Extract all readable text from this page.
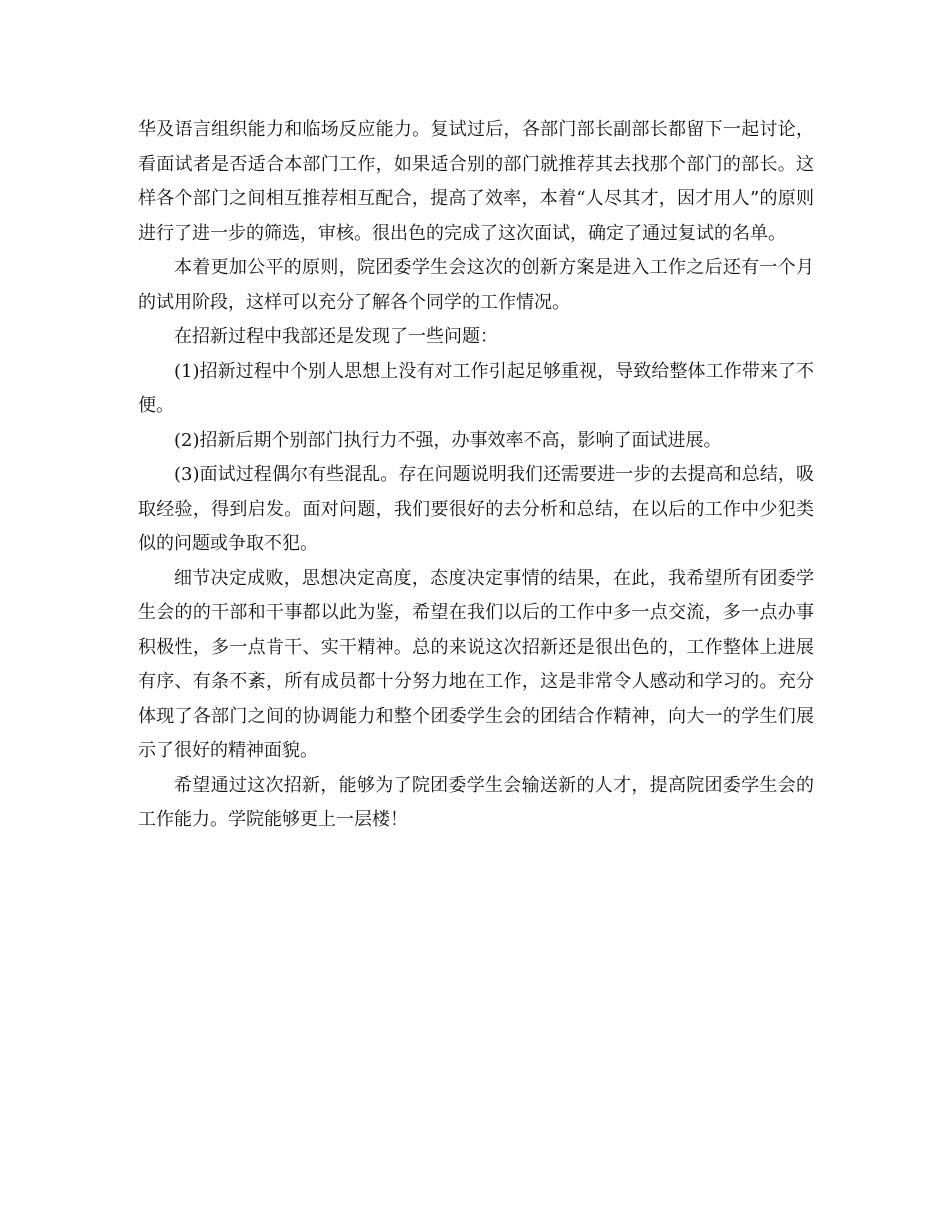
华及语言组织能力和临场反应能力。复试过后，各部门部长副部长都留下一起讨论，看面试者是否适合本部门工作，如果适合别的部门就推荐其去找那个部门的部长。这样各个部门之间相互推荐相互配合，提高了效率，本着“人尽其才，因才用人”的原则进行了进一步的筛选，审核。很出色的完成了这次面试，确定了通过复试的名单。

本着更加公平的原则，院团委学生会这次的创新方案是进入工作之后还有一个月的试用阶段，这样可以充分了解各个同学的工作情况。

在招新过程中我部还是发现了一些问题：

(1)招新过程中个别人思想上没有对工作引起足够重视，导致给整体工作带来了不便。

(2)招新后期个别部门执行力不强，办事效率不高，影响了面试进展。

(3)面试过程偶尔有些混乱。存在问题说明我们还需要进一步的去提高和总结，吸取经验，得到启发。面对问题，我们要很好的去分析和总结，在以后的工作中少犯类似的问题或争取不犯。

细节决定成败，思想决定高度，态度决定事情的结果，在此，我希望所有团委学生会的的干部和干事都以此为鉴，希望在我们以后的工作中多一点交流，多一点办事积极性，多一点肯干、实干精神。总的来说这次招新还是很出色的，工作整体上进展有序、有条不紊，所有成员都十分努力地在工作，这是非常令人感动和学习的。充分体现了各部门之间的协调能力和整个团委学生会的团结合作精神，向大一的学生们展示了很好的精神面貌。

希望通过这次招新，能够为了院团委学生会输送新的人才，提高院团委学生会的工作能力。学院能够更上一层楼！
